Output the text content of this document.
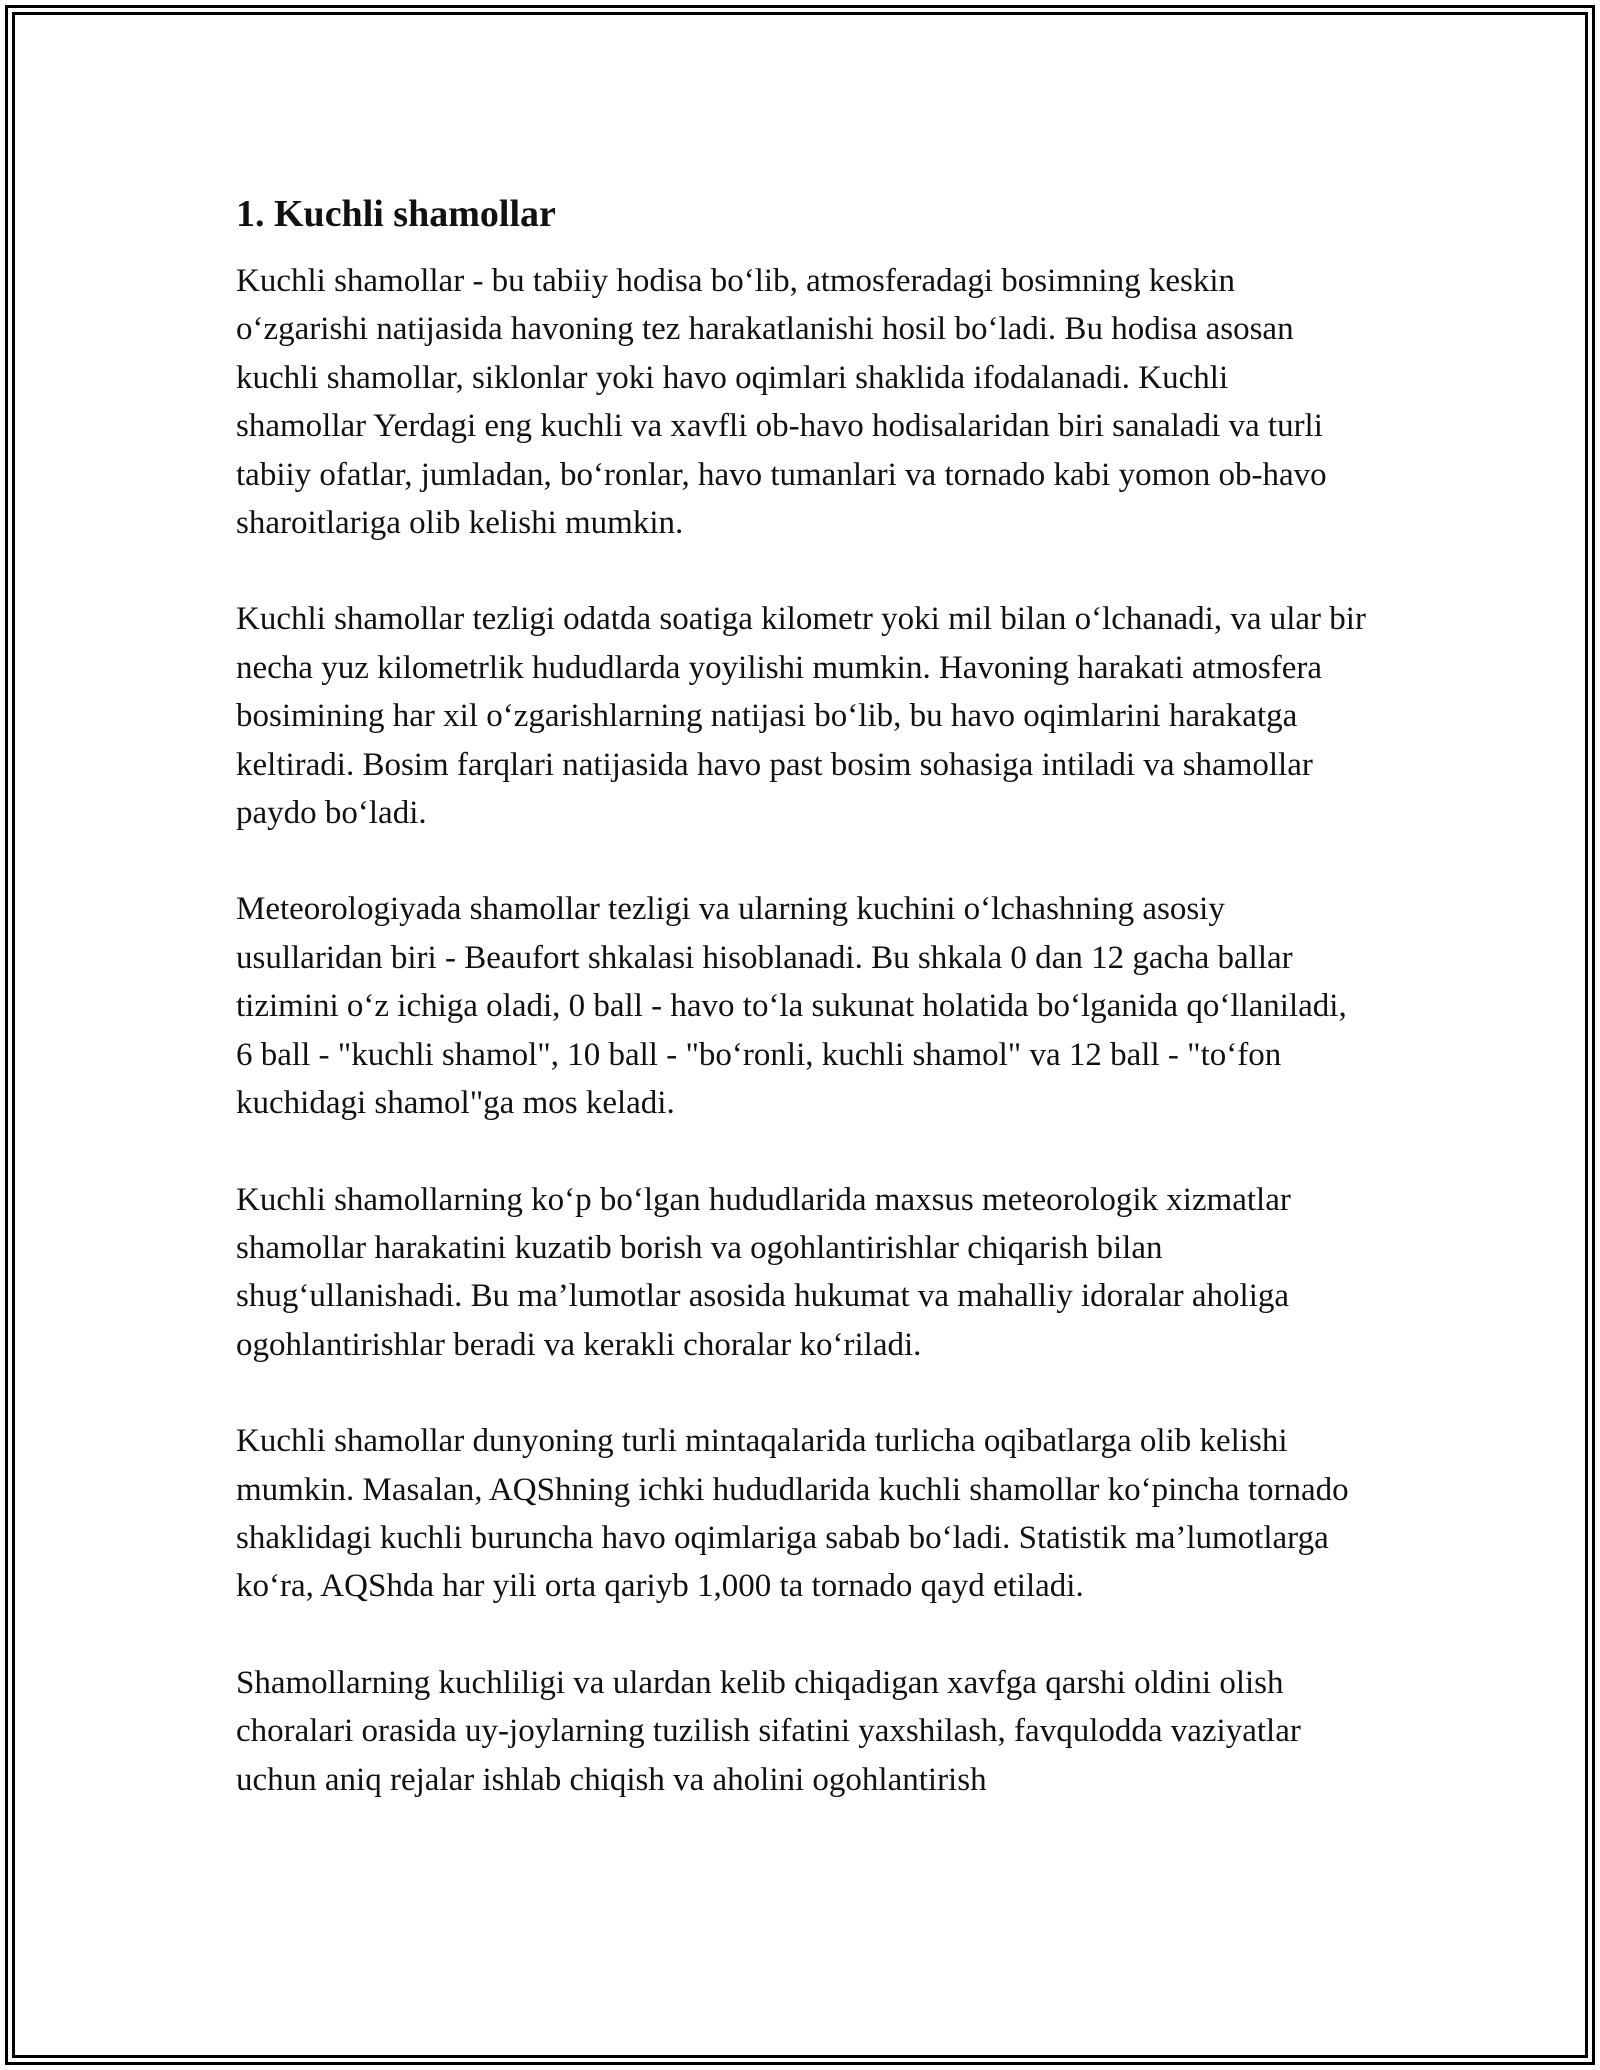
1. Kuchli shamollar

Kuchli shamollar - bu tabiiy hodisa bo‘lib, atmosferadagi bosimning keskin o‘zgarishi natijasida havoning tez harakatlanishi hosil bo‘ladi. Bu hodisa asosan kuchli shamollar, siklonlar yoki havo oqimlari shaklida ifodalanadi. Kuchli shamollar Yerdagi eng kuchli va xavfli ob-havo hodisalaridan biri sanaladi va turli tabiiy ofatlar, jumladan, bo‘ronlar, havo tumanlari va tornado kabi yomon ob-havo sharoitlariga olib kelishi mumkin.

Kuchli shamollar tezligi odatda soatiga kilometr yoki mil bilan o‘lchanadi, va ular bir necha yuz kilometrlik hududlarda yoyilishi mumkin. Havoning harakati atmosfera bosimining har xil o‘zgarishlarning natijasi bo‘lib, bu havo oqimlarini harakatga keltiradi. Bosim farqlari natijasida havo past bosim sohasiga intiladi va shamollar paydo bo‘ladi.

Meteorologiyada shamollar tezligi va ularning kuchini o‘lchashning asosiy usullaridan biri - Beaufort shkalasi hisoblanadi. Bu shkala 0 dan 12 gacha ballar tizimini o‘z ichiga oladi, 0 ball - havo to‘la sukunat holatida bo‘lganida qo‘llaniladi, 6 ball - "kuchli shamol", 10 ball - "bo‘ronli, kuchli shamol" va 12 ball - "to‘fon kuchidagi shamol"ga mos keladi.

Kuchli shamollarning ko‘p bo‘lgan hududlarida maxsus meteorologik xizmatlar shamollar harakatini kuzatib borish va ogohlantirishlar chiqarish bilan shug‘ullanishadi. Bu ma’lumotlar asosida hukumat va mahalliy idoralar aholiga ogohlantirishlar beradi va kerakli choralar ko‘riladi.

Kuchli shamollar dunyoning turli mintaqalarida turlicha oqibatlarga olib kelishi mumkin. Masalan, AQShning ichki hududlarida kuchli shamollar ko‘pincha tornado shaklidagi kuchli buruncha havo oqimlariga sabab bo‘ladi. Statistik ma’lumotlarga ko‘ra, AQShda har yili orta qariyb 1,000 ta tornado qayd etiladi.

Shamollarning kuchliligi va ulardan kelib chiqadigan xavfga qarshi oldini olish choralari orasida uy-joylarning tuzilish sifatini yaxshilash, favqulodda vaziyatlar uchun aniq rejalar ishlab chiqish va aholini ogohlantirish
